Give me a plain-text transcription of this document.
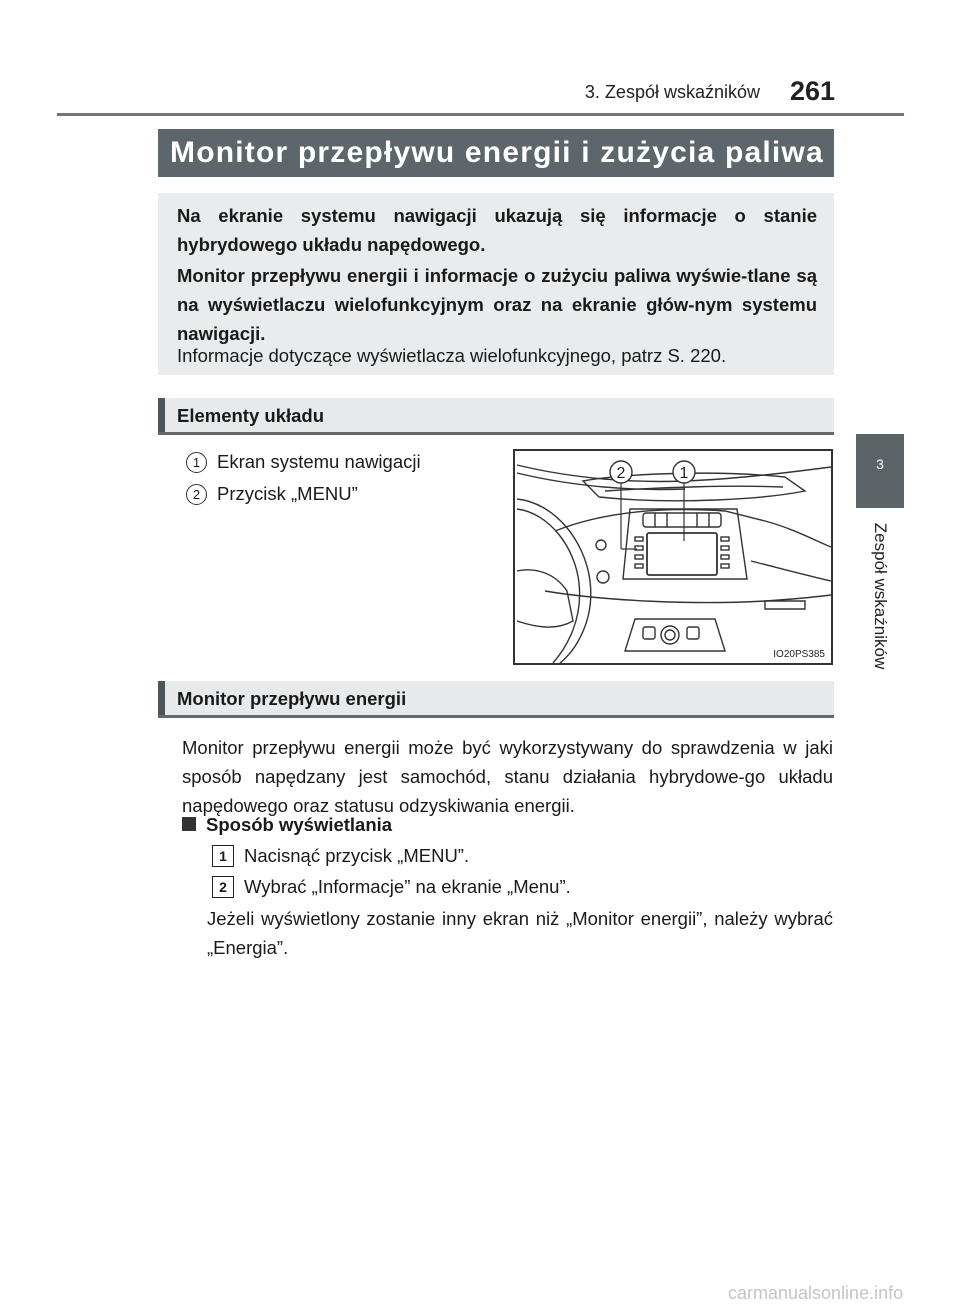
3. Zespół wskaźników 261
3
Zespół wskaźników
Monitor przepływu energii i zużycia paliwa

Na ekranie systemu nawigacji ukazują się informacje o stanie hybrydowego układu napędowego.

Monitor przepływu energii i informacje o zużyciu paliwa wyświe-tlane są na wyświetlaczu wielofunkcyjnym oraz na ekranie głów-nym systemu nawigacji.

Informacje dotyczące wyświetlacza wielofunkcyjnego, patrz S. 220.

Elementy układu
1 Ekran systemu nawigacji
2 Przycisk „MENU”
1
2
IO20PS385
Monitor przepływu energii

Monitor przepływu energii może być wykorzystywany do sprawdzenia w jaki sposób napędzany jest samochód, stanu działania hybrydowe-go układu napędowego oraz statusu odzyskiwania energii.

Sposób wyświetlania
1 Nacisnąć przycisk „MENU”.
2 Wybrać „Informacje” na ekranie „Menu”.

Jeżeli wyświetlony zostanie inny ekran niż „Monitor energii”, należy wybrać „Energia”.

carmanualsonline.info
